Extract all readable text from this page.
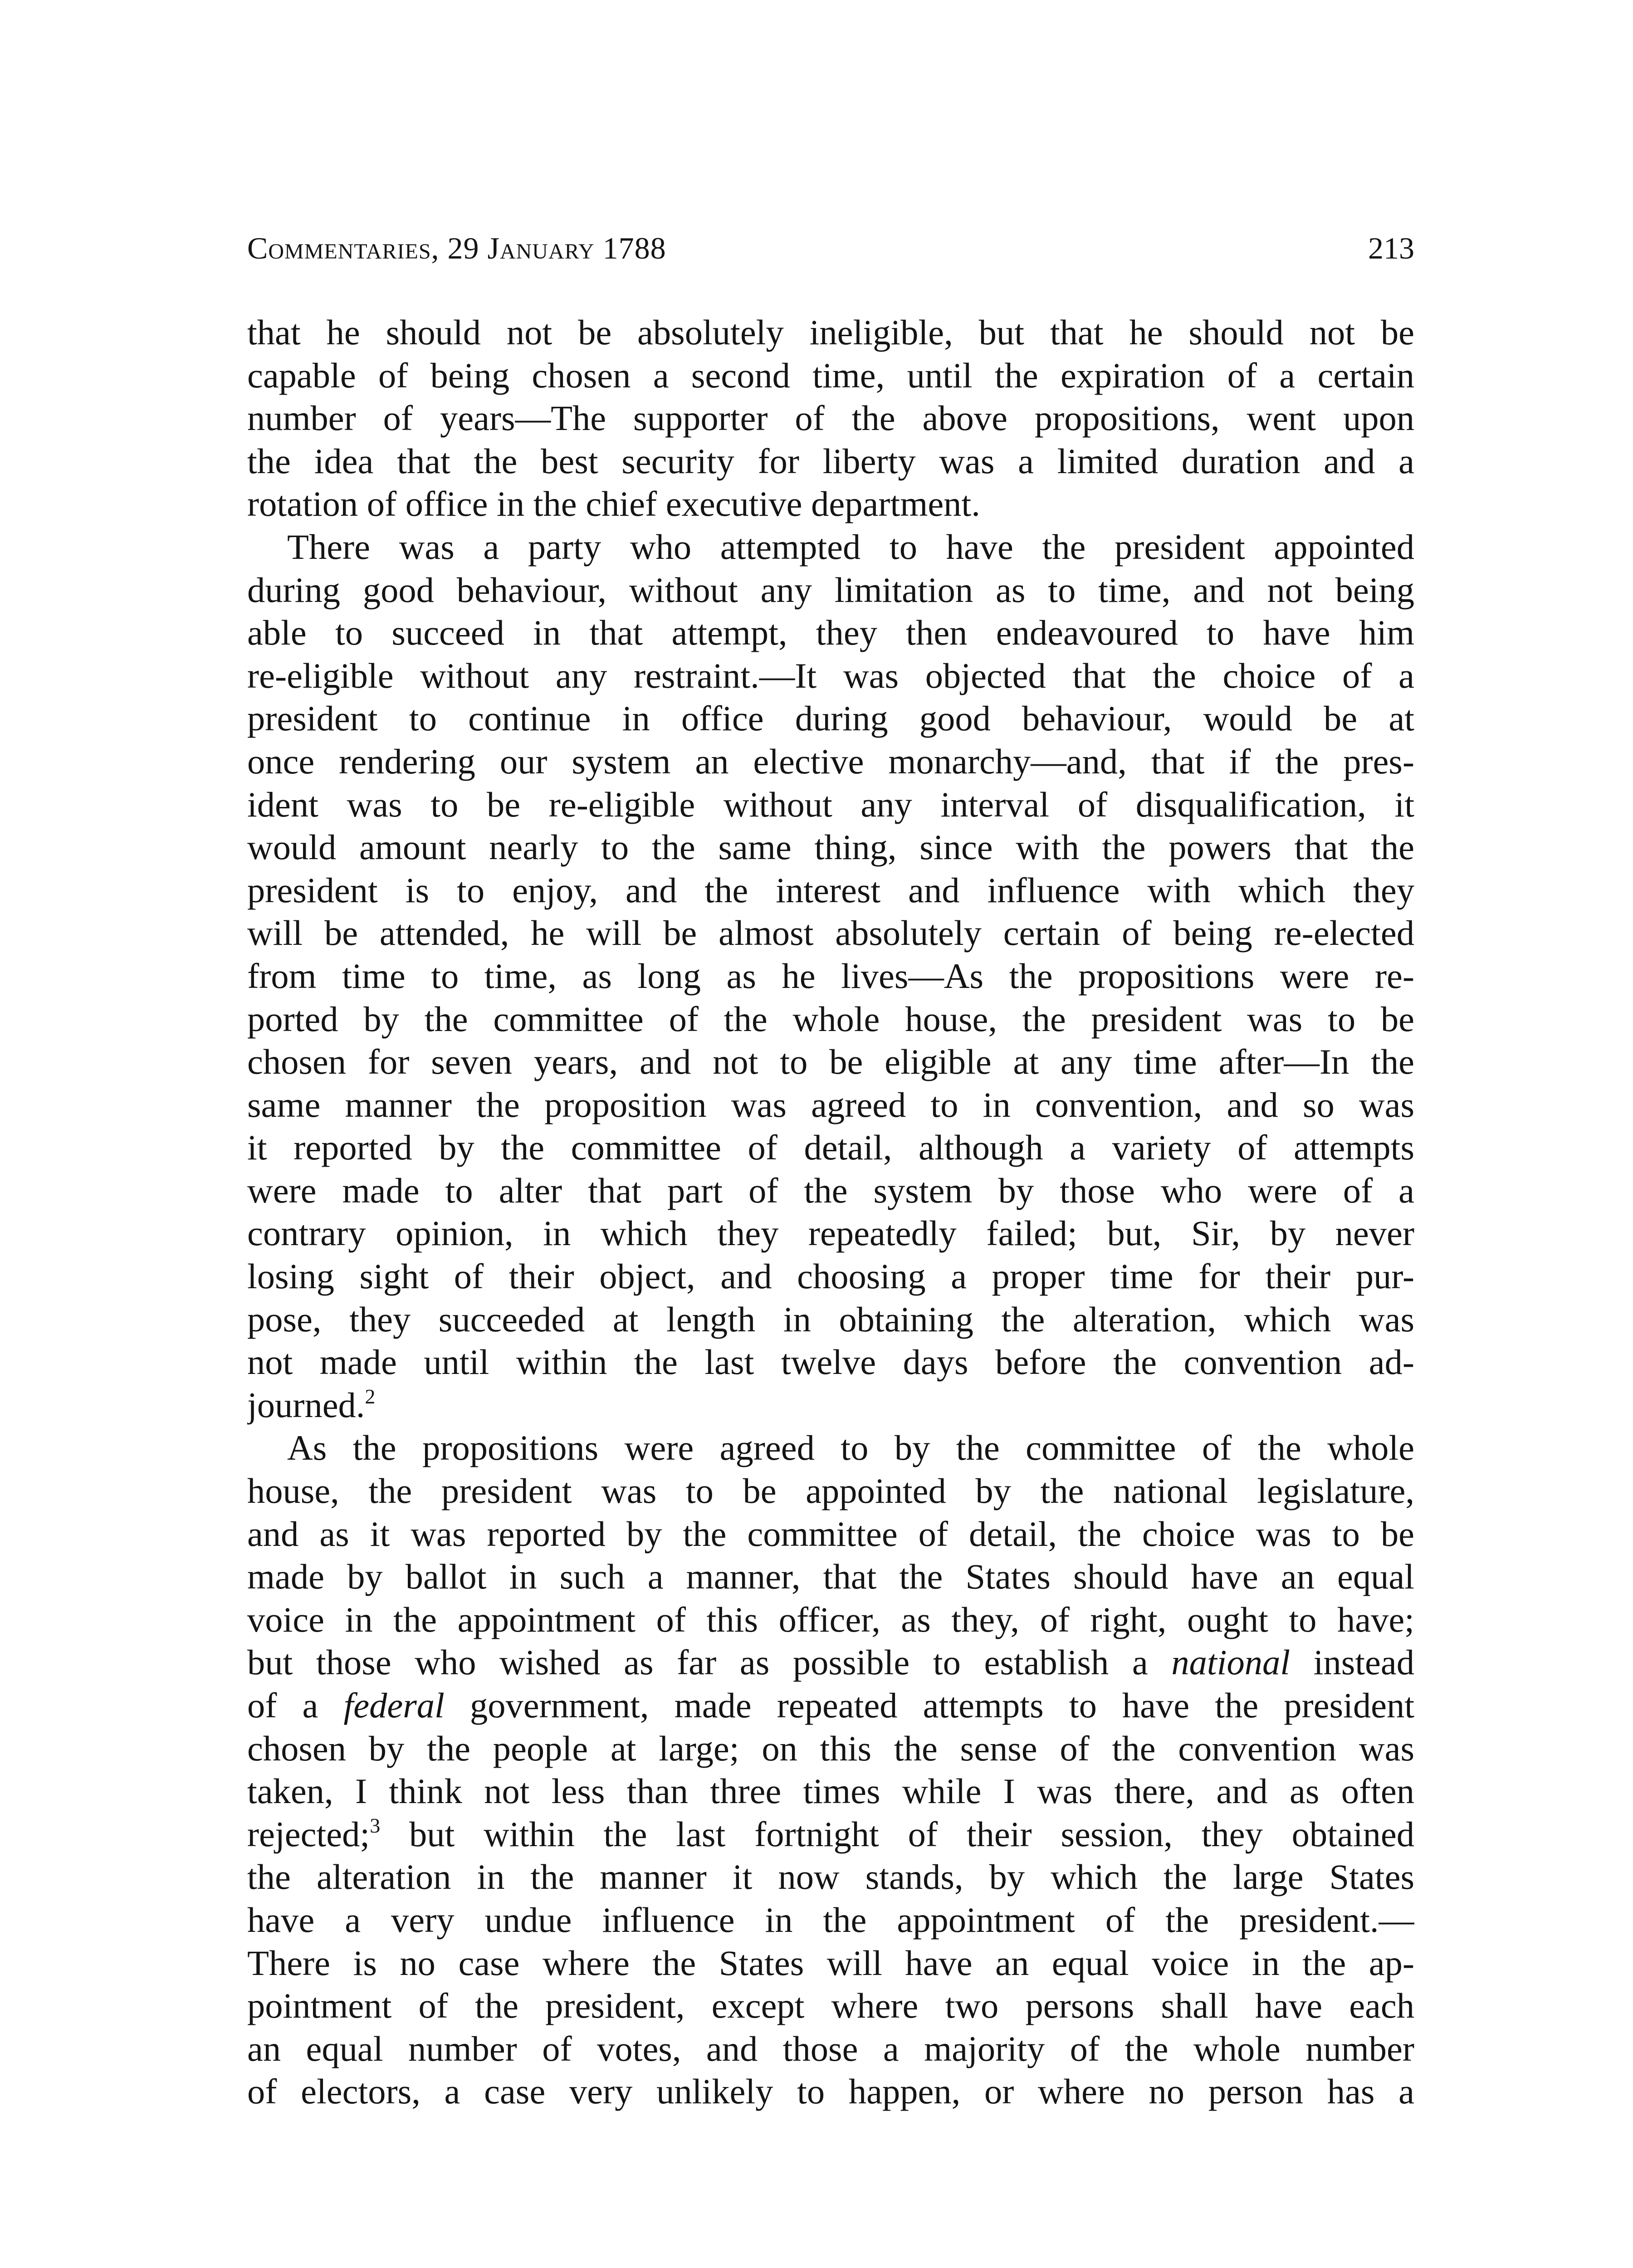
Commentaries, 29 January 1788	213
that he should not be absolutely ineligible, but that he should not be
capable of being chosen a second time, until the expiration of a certain
number of years—The supporter of the above propositions, went upon
the idea that the best security for liberty was a limited duration and a
rotation of office in the chief executive department.
There was a party who attempted to have the president appointed
during good behaviour, without any limitation as to time, and not being
able to succeed in that attempt, they then endeavoured to have him
re-eligible without any restraint.—It was objected that the choice of a
president to continue in office during good behaviour, would be at
once rendering our system an elective monarchy—and, that if the pres-
ident was to be re-eligible without any interval of disqualification, it
would amount nearly to the same thing, since with the powers that the
president is to enjoy, and the interest and influence with which they
will be attended, he will be almost absolutely certain of being re-elected
from time to time, as long as he lives—As the propositions were re-
ported by the committee of the whole house, the president was to be
chosen for seven years, and not to be eligible at any time after—In the
same manner the proposition was agreed to in convention, and so was
it reported by the committee of detail, although a variety of attempts
were made to alter that part of the system by those who were of a
contrary opinion, in which they repeatedly failed; but, Sir, by never
losing sight of their object, and choosing a proper time for their pur-
pose, they succeeded at length in obtaining the alteration, which was
not made until within the last twelve days before the convention ad-
journed.$^2$
As the propositions were agreed to by the committee of the whole
house, the president was to be appointed by the national legislature,
and as it was reported by the committee of detail, the choice was to be
made by ballot in such a manner, that the States should have an equal
voice in the appointment of this officer, as they, of right, ought to have;
but those who wished as far as possible to establish a national instead
of a federal government, made repeated attempts to have the president
chosen by the people at large; on this the sense of the convention was
taken, I think not less than three times while I was there, and as often
rejected;$^3$ but within the last fortnight of their session, they obtained
the alteration in the manner it now stands, by which the large States
have a very undue influence in the appointment of the president.—
There is no case where the States will have an equal voice in the ap-
pointment of the president, except where two persons shall have each
an equal number of votes, and those a majority of the whole number
of electors, a case very unlikely to happen, or where no person has a
